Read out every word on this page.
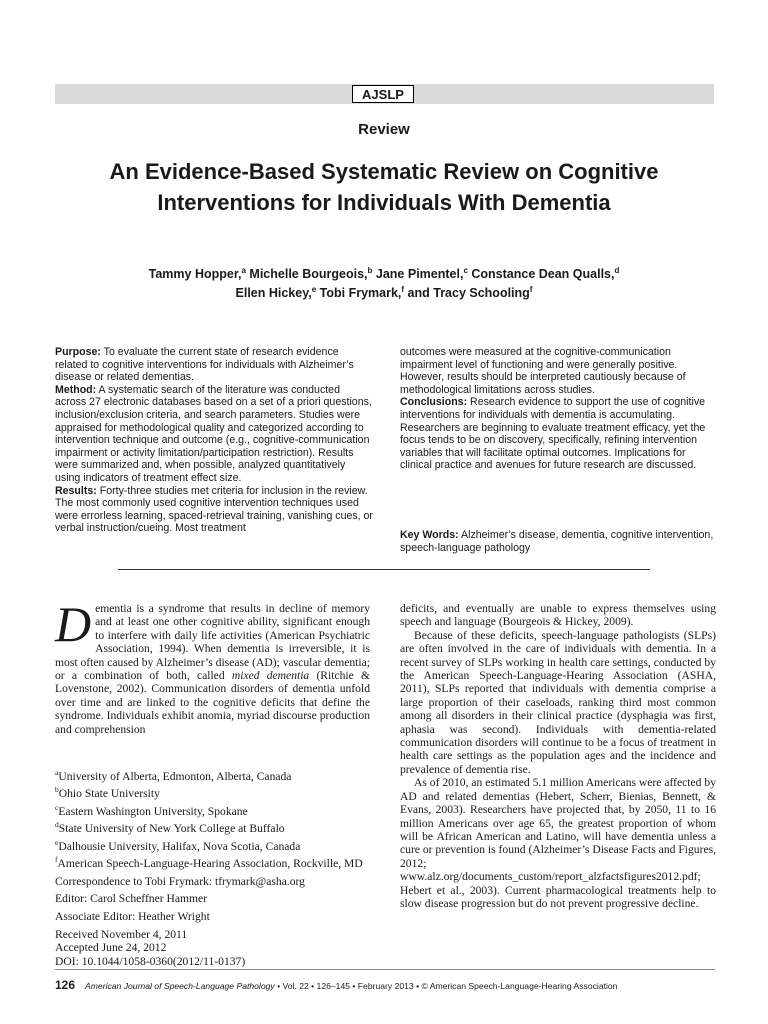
AJSLP
Review
An Evidence-Based Systematic Review on Cognitive Interventions for Individuals With Dementia
Tammy Hopper,$^a$ Michelle Bourgeois,$^b$ Jane Pimentel,$^c$ Constance Dean Qualls,$^d$
Ellen Hickey,$^e$ Tobi Frymark,$^f$ and Tracy Schooling$^f$

Purpose: To evaluate the current state of research evidence related to cognitive interventions for individuals with Alzheimer’s disease or related dementias.

Method: A systematic search of the literature was conducted across 27 electronic databases based on a set of a priori questions, inclusion/exclusion criteria, and search parameters. Studies were appraised for methodological quality and categorized according to intervention technique and outcome (e.g., cognitive-communication impairment or activity limitation/participation restriction). Results were summarized and, when possible, analyzed quantitatively using indicators of treatment effect size.

Results: Forty-three studies met criteria for inclusion in the review. The most commonly used cognitive intervention techniques used were errorless learning, spaced-retrieval training, vanishing cues, or verbal instruction/cueing. Most treatment

outcomes were measured at the cognitive-communication impairment level of functioning and were generally positive. However, results should be interpreted cautiously because of methodological limitations across studies.

Conclusions: Research evidence to support the use of cognitive interventions for individuals with dementia is accumulating. Researchers are beginning to evaluate treatment efficacy, yet the focus tends to be on discovery, specifically, refining intervention variables that will facilitate optimal outcomes. Implications for clinical practice and avenues for future research are discussed.

Key Words: Alzheimer’s disease, dementia, cognitive intervention, speech-language pathology

Dementia is a syndrome that results in decline of memory and at least one other cognitive ability, significant enough to interfere with daily life activities (American Psychiatric Association, 1994). When dementia is irreversible, it is most often caused by Alzheimer’s disease (AD); vascular dementia; or a combination of both, called mixed dementia (Ritchie & Lovenstone, 2002). Communication disorders of dementia unfold over time and are linked to the cognitive deficits that define the syndrome. Individuals exhibit anomia, myriad discourse production and comprehension

$^a$University of Alberta, Edmonton, Alberta, Canada
$^b$Ohio State University
$^c$Eastern Washington University, Spokane
$^d$State University of New York College at Buffalo
$^e$Dalhousie University, Halifax, Nova Scotia, Canada
$^f$American Speech-Language-Hearing Association, Rockville, MD
Correspondence to Tobi Frymark: tfrymark@asha.org
Editor: Carol Scheffner Hammer
Associate Editor: Heather Wright
Received November 4, 2011
Accepted June 24, 2012
DOI: 10.1044/1058-0360(2012/11-0137)

deficits, and eventually are unable to express themselves using speech and language (Bourgeois & Hickey, 2009).

Because of these deficits, speech-language pathologists (SLPs) are often involved in the care of individuals with dementia. In a recent survey of SLPs working in health care settings, conducted by the American Speech-Language-Hearing Association (ASHA, 2011), SLPs reported that individuals with dementia comprise a large proportion of their caseloads, ranking third most common among all disorders in their clinical practice (dysphagia was first, aphasia was second). Individuals with dementia-related communication disorders will continue to be a focus of treatment in health care settings as the population ages and the incidence and prevalence of dementia rise.

As of 2010, an estimated 5.1 million Americans were affected by AD and related dementias (Hebert, Scherr, Bienias, Bennett, & Evans, 2003). Researchers have projected that, by 2050, 11 to 16 million Americans over age 65, the greatest proportion of whom will be African American and Latino, will have dementia unless a cure or prevention is found (Alzheimer’s Disease Facts and Figures, 2012; www.alz.org/documents_custom/report_alzfactsfigures2012.pdf; Hebert et al., 2003). Current pharmacological treatments help to slow disease progression but do not prevent progressive decline.

126 American Journal of Speech-Language Pathology • Vol. 22 • 126–145 • February 2013 • © American Speech-Language-Hearing Association
